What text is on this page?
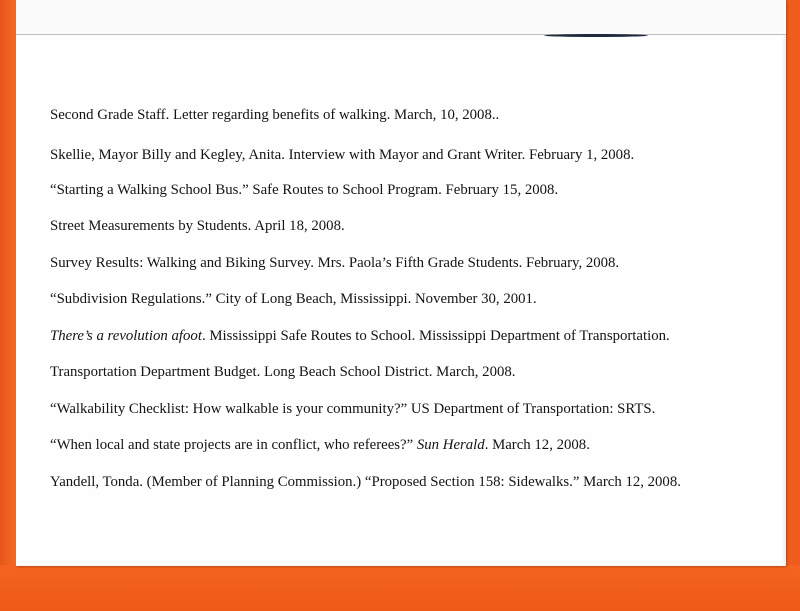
Second Grade Staff. Letter regarding benefits of walking. March, 10, 2008..
Skellie, Mayor Billy and Kegley, Anita. Interview with Mayor and Grant Writer. February 1, 2008.
“Starting a Walking School Bus.” Safe Routes to School Program. February 15, 2008.
Street Measurements by Students. April 18, 2008.
Survey Results: Walking and Biking Survey. Mrs. Paola’s Fifth Grade Students. February, 2008.
“Subdivision Regulations.” City of Long Beach, Mississippi. November 30, 2001.
There’s a revolution afoot. Mississippi Safe Routes to School. Mississippi Department of Transportation.
Transportation Department Budget. Long Beach School District. March, 2008.
“Walkability Checklist: How walkable is your community?” US Department of Transportation: SRTS.
“When local and state projects are in conflict, who referees?” Sun Herald. March 12, 2008.
Yandell, Tonda. (Member of Planning Commission.) “Proposed Section 158: Sidewalks.” March 12, 2008.
